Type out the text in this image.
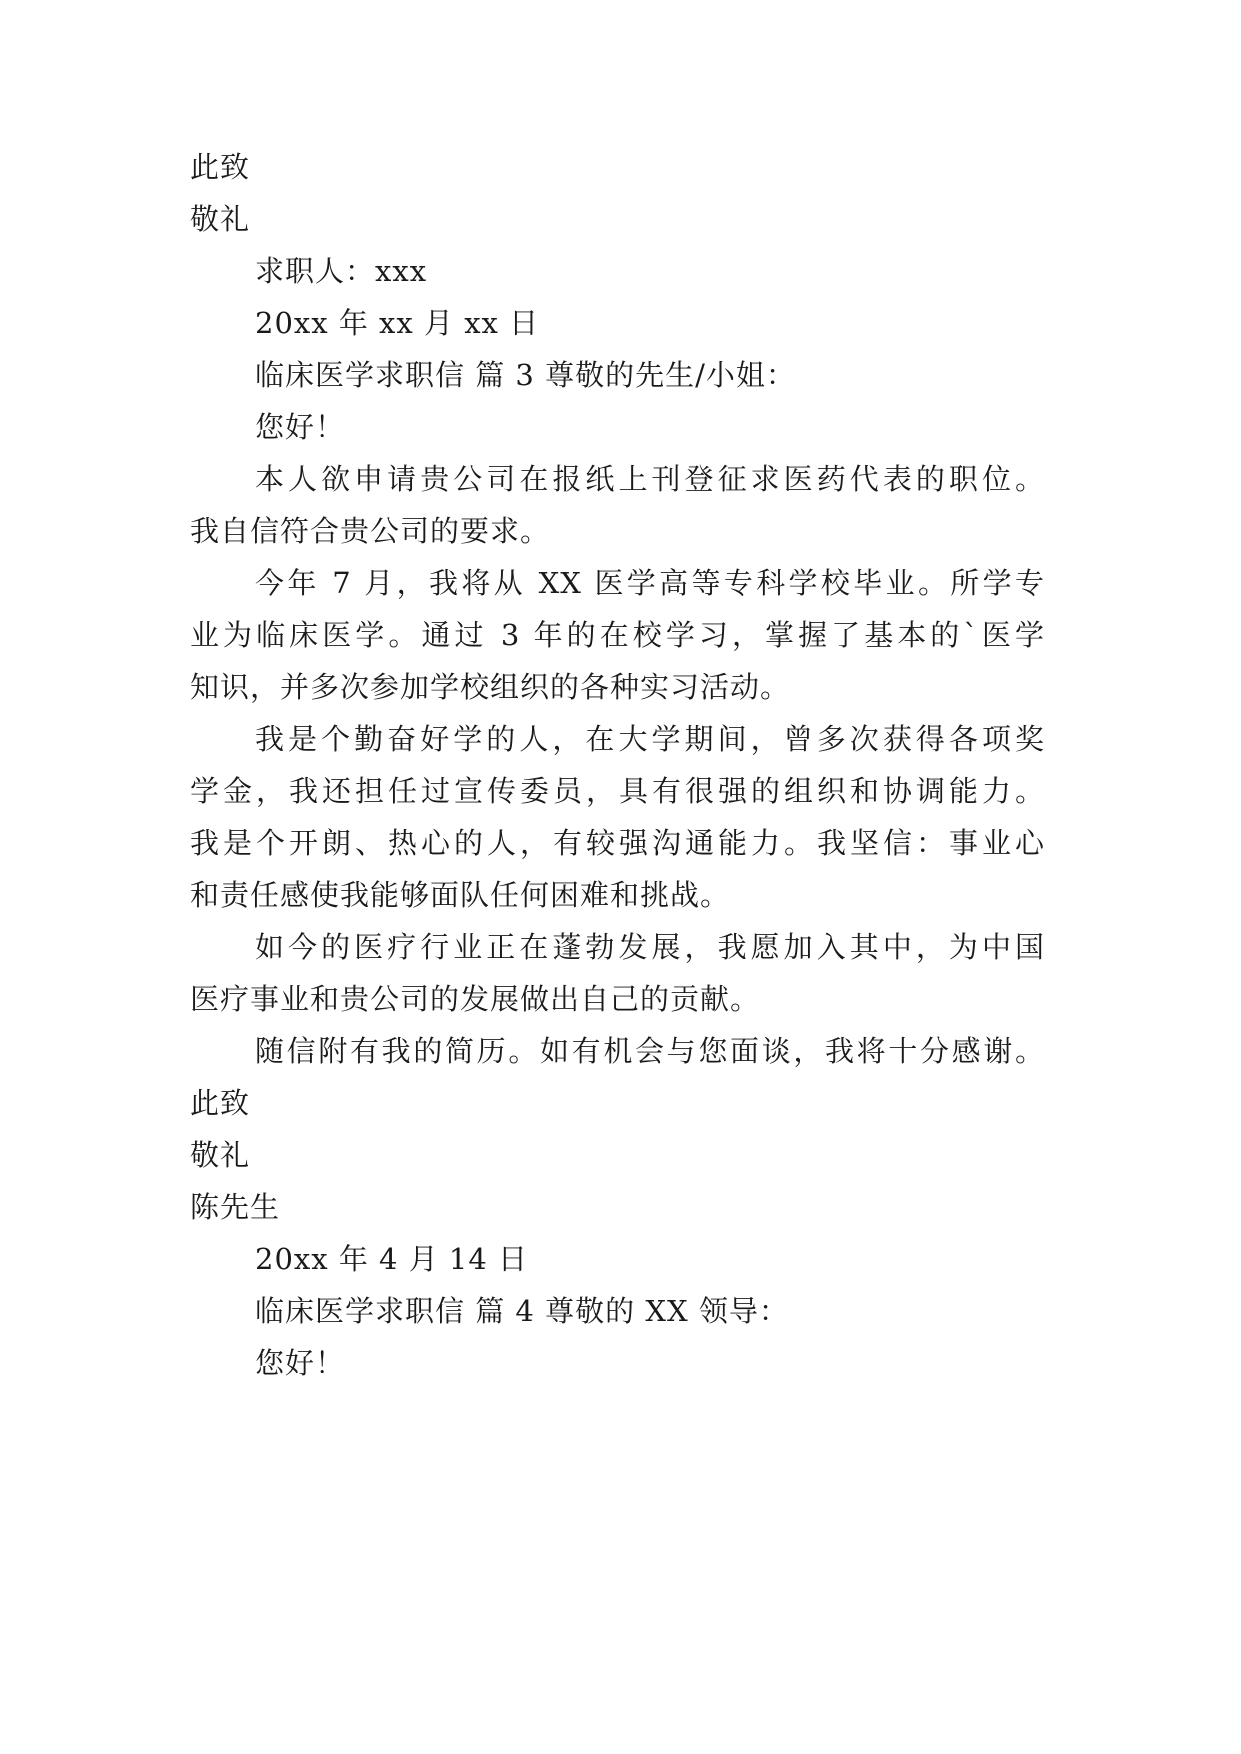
此致
敬礼
求职人：xxx
20xx 年 xx 月 xx 日
临床医学求职信 篇 3 尊敬的先生/小姐：
您好！
本人欲申请贵公司在报纸上刊登征求医药代表的职位。
我自信符合贵公司的要求。
今年 7 月，我将从 XX 医学高等专科学校毕业。所学专
业为临床医学。通过 3 年的在校学习，掌握了基本的`医学
知识，并多次参加学校组织的各种实习活动。
我是个勤奋好学的人，在大学期间，曾多次获得各项奖
学金，我还担任过宣传委员，具有很强的组织和协调能力。
我是个开朗、热心的人，有较强沟通能力。我坚信：事业心
和责任感使我能够面队任何困难和挑战。
如今的医疗行业正在蓬勃发展，我愿加入其中，为中国
医疗事业和贵公司的发展做出自己的贡献。
随信附有我的简历。如有机会与您面谈，我将十分感谢。
此致
敬礼
陈先生
20xx 年 4 月 14 日
临床医学求职信 篇 4 尊敬的 XX 领导：
您好！
